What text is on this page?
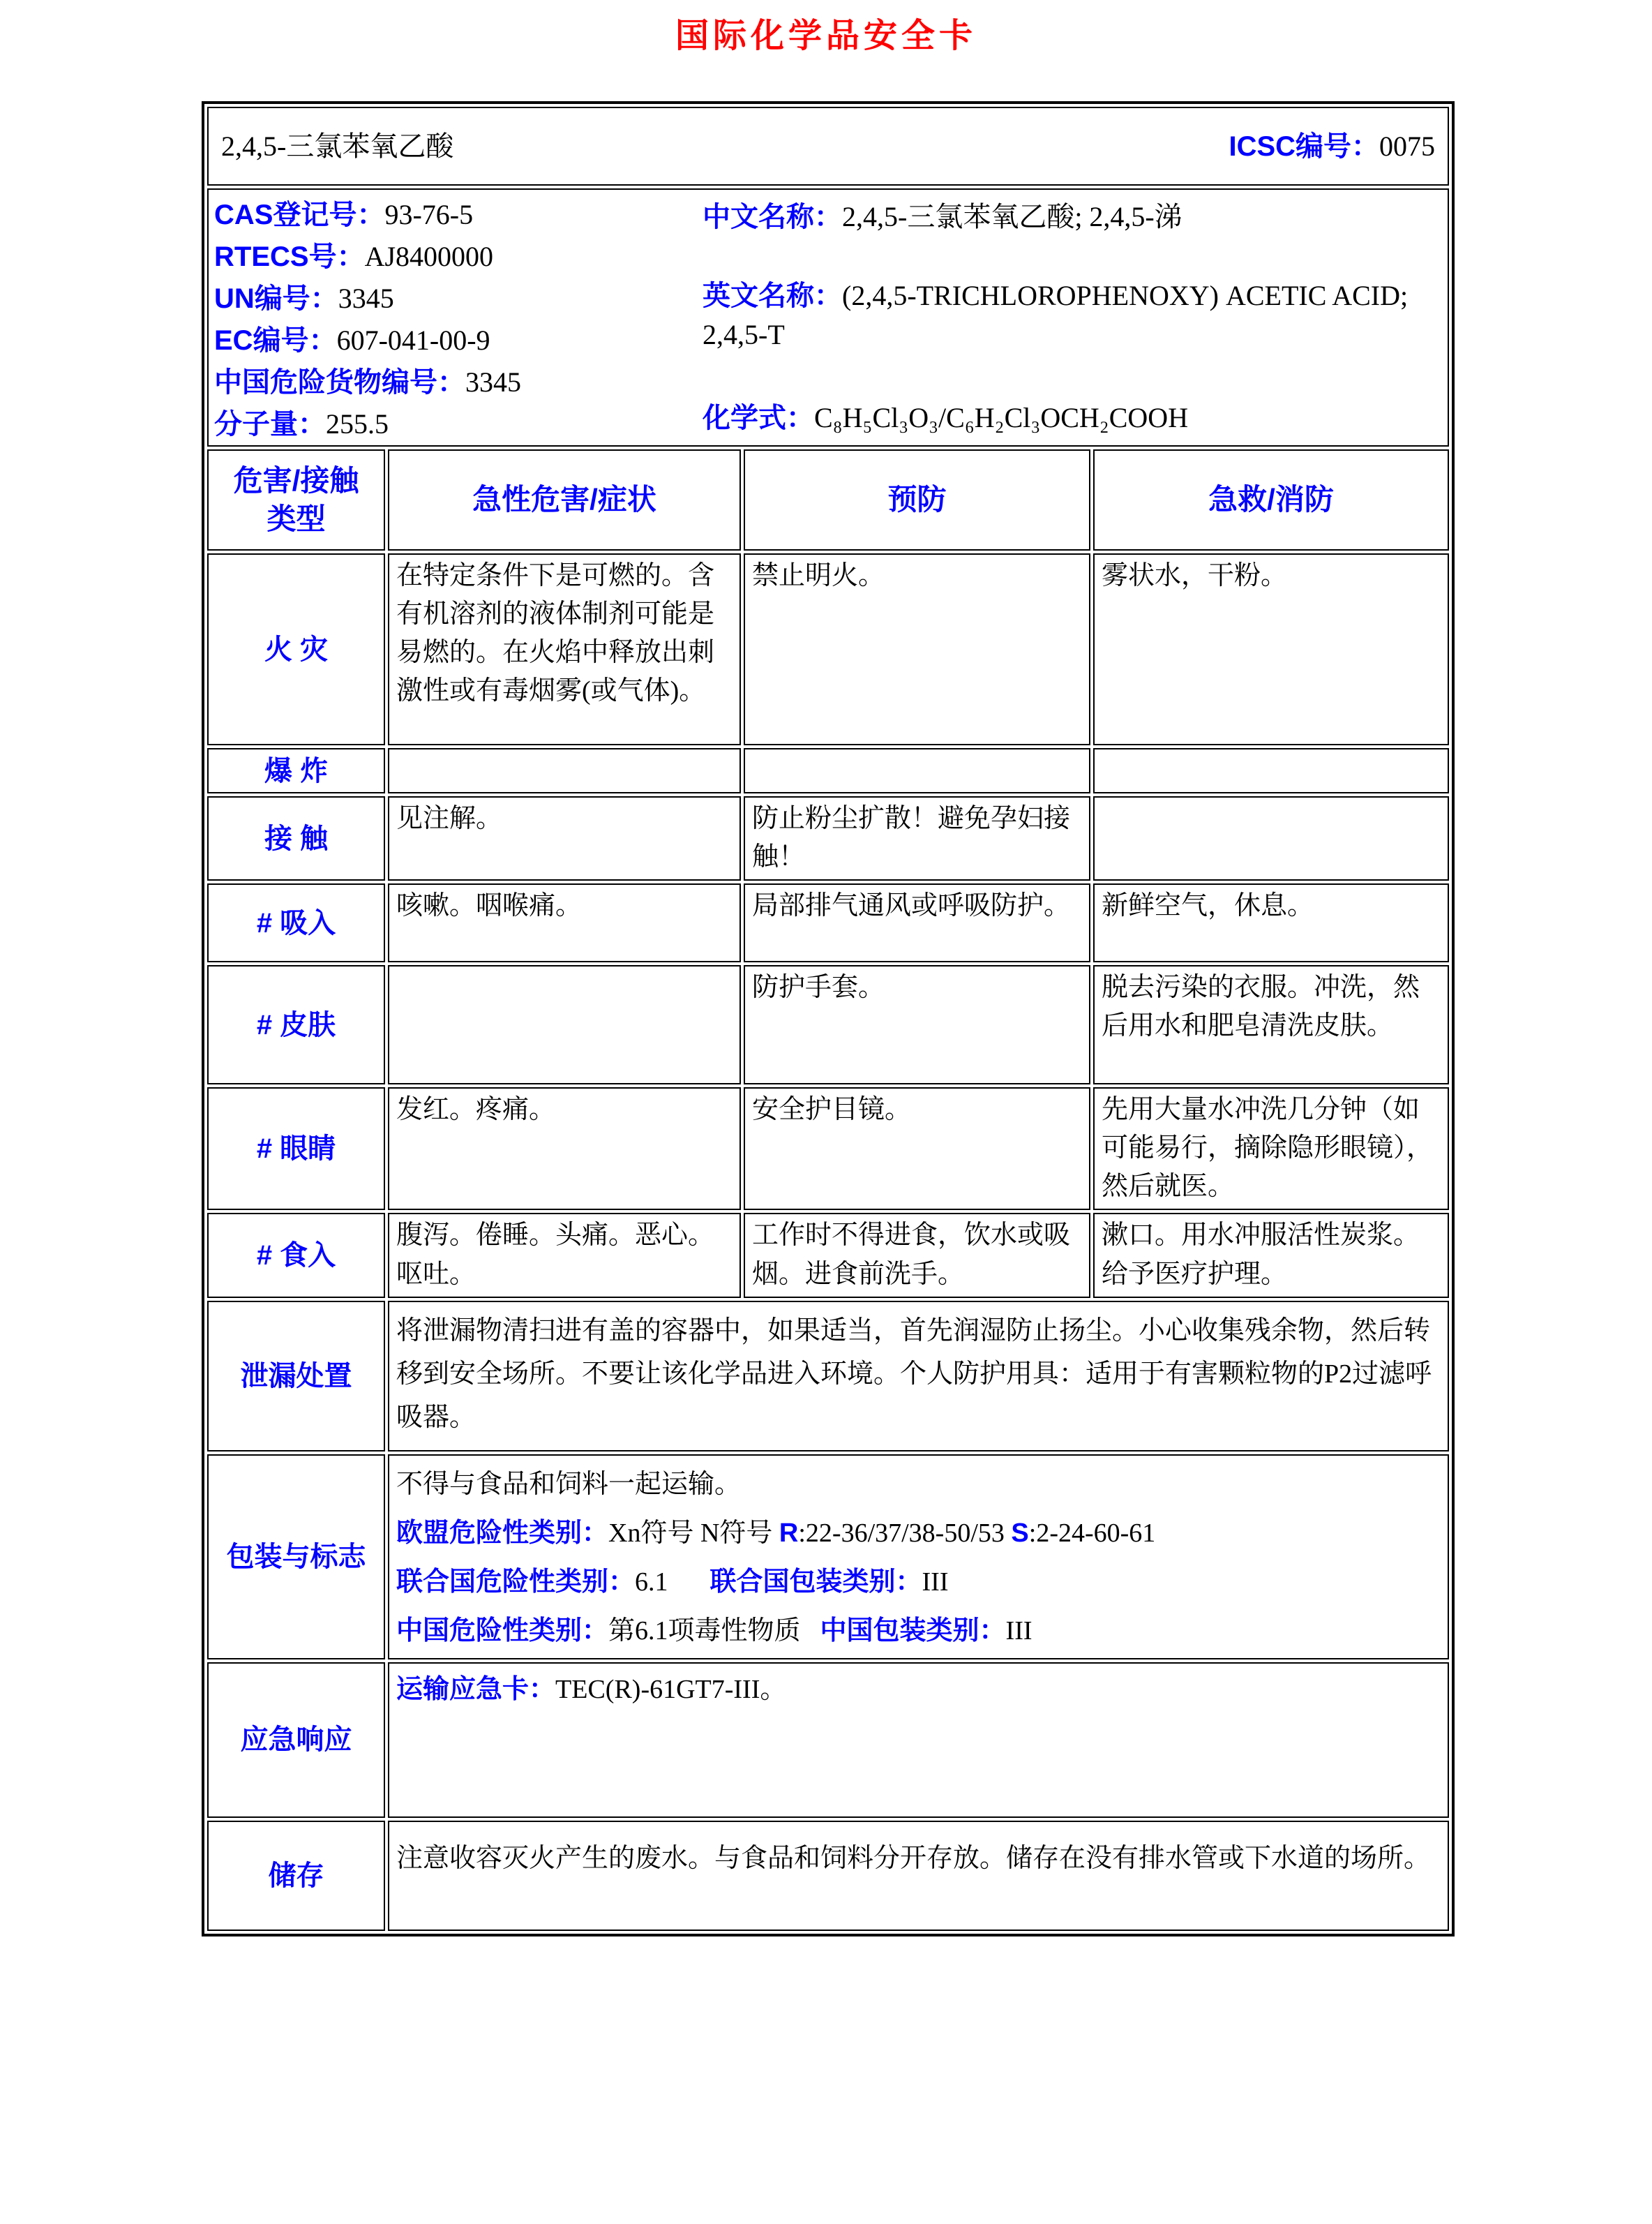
国际化学品安全卡
2,4,5-三氯苯氧乙酸 ICSC编号：0075			

CAS登记号： 93-76-5
RTECS号： AJ8400000
UN编号： 3345
EC编号： 607-041-00-9
中国危险货物编号： 3345
分子量： 255.5
中文名称：2,4,5-三氯苯氧乙酸; 2,4,5-涕
英文名称：(2,4,5-TRICHLOROPHENOXY) ACETIC ACID; 2,4,5-T
化学式：C₈H₅Cl₃O₃/C₆H₂Cl₃OCH₂COOH

危害/接触
类型	急性危害/症状	预防	急救/消防
火 灾	在特定条件下是可燃的。含有机溶剂的液体制剂可能是易燃的。在火焰中释放出刺激性或有毒烟雾(或气体)。	禁止明火。	雾状水，干粉。
爆 炸			
接 触	见注解。	防止粉尘扩散！避免孕妇接触！	
# 吸入	咳嗽。咽喉痛。	局部排气通风或呼吸防护。	新鲜空气，休息。
# 皮肤		防护手套。	脱去污染的衣服。冲洗，然后用水和肥皂清洗皮肤。
# 眼睛	发红。疼痛。	安全护目镜。	先用大量水冲洗几分钟（如可能易行，摘除隐形眼镜），然后就医。
# 食入	腹泻。倦睡。头痛。恶心。呕吐。	工作时不得进食，饮水或吸烟。进食前洗手。	漱口。用水冲服活性炭浆。给予医疗护理。
泄漏处置	将泄漏物清扫进有盖的容器中，如果适当，首先润湿防止扬尘。小心收集残余物，然后转移到安全场所。不要让该化学品进入环境。个人防护用具：适用于有害颗粒物的P2过滤呼吸器。		
包装与标志	不得与食品和饲料一起运输。

欧盟危险性类别：Xn符号 N符号 R:22-36/37/38-50/53 S:2-24-60-61

联合国危险性类别：6.1 联合国包装类别：III

中国危险性类别：第6.1项毒性物质 中国包装类别：III		

应急响应	运输应急卡：TEC(R)-61GT7-III。		
储存	注意收容灭火产生的废水。与食品和饲料分开存放。储存在没有排水管或下水道的场所。		
